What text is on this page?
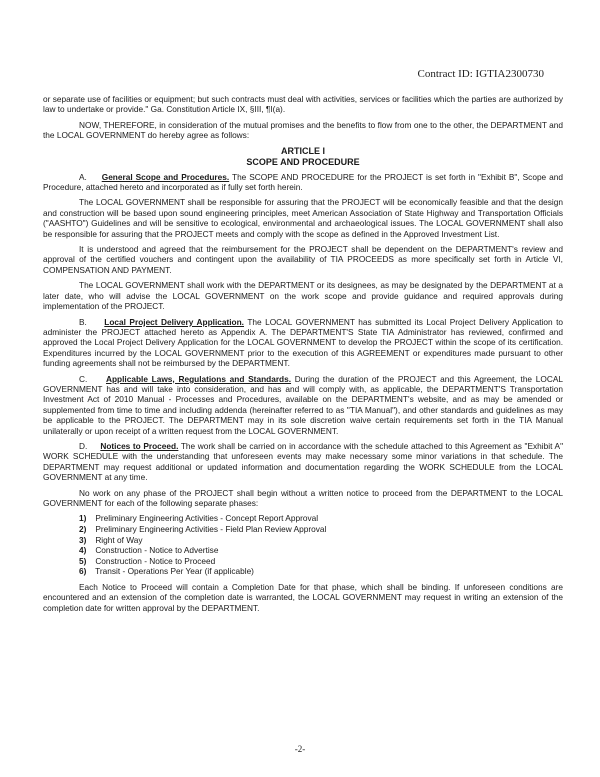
Contract ID: IGTIA2300730

or separate use of facilities or equipment; but such contracts must deal with activities, services or facilities which the parties are authorized by law to undertake or provide." Ga. Constitution Article IX, §III, ¶I(a).

NOW, THEREFORE, in consideration of the mutual promises and the benefits to flow from one to the other, the DEPARTMENT and the LOCAL GOVERNMENT do hereby agree as follows:

ARTICLE I
SCOPE AND PROCEDURE

A. General Scope and Procedures. The SCOPE AND PROCEDURE for the PROJECT is set forth in "Exhibit B", Scope and Procedure, attached hereto and incorporated as if fully set forth herein.

The LOCAL GOVERNMENT shall be responsible for assuring that the PROJECT will be economically feasible and that the design and construction will be based upon sound engineering principles, meet American Association of State Highway and Transportation Officials ("AASHTO") Guidelines and will be sensitive to ecological, environmental and archaeological issues. The LOCAL GOVERNMENT shall also be responsible for assuring that the PROJECT meets and comply with the scope as defined in the Approved Investment List.

It is understood and agreed that the reimbursement for the PROJECT shall be dependent on the DEPARTMENT's review and approval of the certified vouchers and contingent upon the availability of TIA PROCEEDS as more specifically set forth in Article VI, COMPENSATION AND PAYMENT.

The LOCAL GOVERNMENT shall work with the DEPARTMENT or its designees, as may be designated by the DEPARTMENT at a later date, who will advise the LOCAL GOVERNMENT on the work scope and provide guidance and required approvals during implementation of the PROJECT.

B. Local Project Delivery Application. The LOCAL GOVERNMENT has submitted its Local Project Delivery Application to administer the PROJECT attached hereto as Appendix A. The DEPARTMENT'S State TIA Administrator has reviewed, confirmed and approved the Local Project Delivery Application for the LOCAL GOVERNMENT to develop the PROJECT within the scope of its certification. Expenditures incurred by the LOCAL GOVERNMENT prior to the execution of this AGREEMENT or expenditures made pursuant to other funding agreements shall not be reimbursed by the DEPARTMENT.

C. Applicable Laws, Regulations and Standards. During the duration of the PROJECT and this Agreement, the LOCAL GOVERNMENT has and will take into consideration, and has and will comply with, as applicable, the DEPARTMENT'S Transportation Investment Act of 2010 Manual - Processes and Procedures, available on the DEPARTMENT's website, and as may be amended or supplemented from time to time and including addenda (hereinafter referred to as "TIA Manual"), and other standards and guidelines as may be applicable to the PROJECT. The DEPARTMENT may in its sole discretion waive certain requirements set forth in the TIA Manual unilaterally or upon receipt of a written request from the LOCAL GOVERNMENT.

D. Notices to Proceed. The work shall be carried on in accordance with the schedule attached to this Agreement as "Exhibit A" WORK SCHEDULE with the understanding that unforeseen events may make necessary some minor variations in that schedule. The DEPARTMENT may request additional or updated information and documentation regarding the WORK SCHEDULE from the LOCAL GOVERNMENT at any time.

No work on any phase of the PROJECT shall begin without a written notice to proceed from the DEPARTMENT to the LOCAL GOVERNMENT for each of the following separate phases:

1) Preliminary Engineering Activities - Concept Report Approval
2) Preliminary Engineering Activities - Field Plan Review Approval
3) Right of Way
4) Construction - Notice to Advertise
5) Construction - Notice to Proceed
6) Transit - Operations Per Year (if applicable)

Each Notice to Proceed will contain a Completion Date for that phase, which shall be binding. If unforeseen conditions are encountered and an extension of the completion date is warranted, the LOCAL GOVERNMENT may request in writing an extension of the completion date for written approval by the DEPARTMENT.

-2-
